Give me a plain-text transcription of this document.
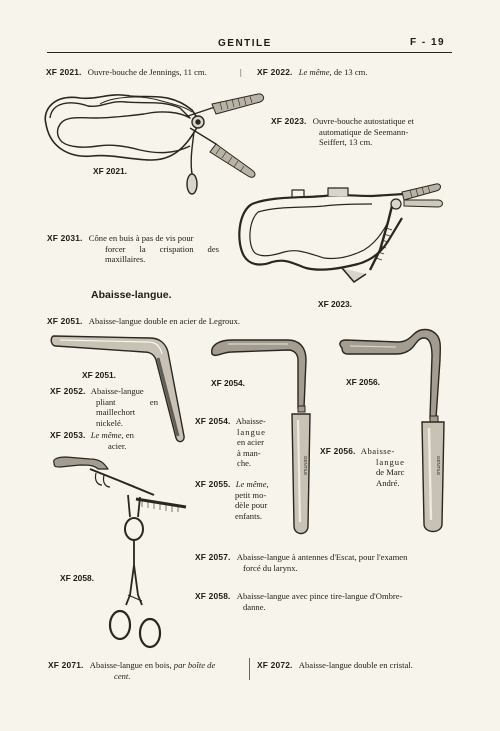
GENTILE	F - 19
XF 2021. Ouvre-bouche de Jennings, 11 cm.	| XF 2022. Le même, de 13 cm.
XF 2023. Ouvre-bouche autostatique et
automatique de Seemann-
Seiffert, 13 cm.
XF 2021.
XF 2023.
XF 2031. Cône en buis à pas de vis pour
forcer la crispation des
maxillaires.
Abaisse-langue.
XF 2051. Abaisse-langue double en acier de Legroux.
XF 2051.
XF 2052. Abaisse-langue
pliant en
maillechort
nickelé.
XF 2053. Le même, en
acier.
GENTILE
XF 2054.
XF 2054. Abaisse-
langue
en acier
à man-
che.
XF 2055. Le même,
petit mo-
dèle pour
enfants.
GENTILE
XF 2056.
XF 2056. Abaisse-
langue
de Marc
André.
XF 2058.
XF 2057. Abaisse-langue à antennes d'Escat, pour l'examen
forcé du larynx.
XF 2058. Abaisse-langue avec pince tire-langue d'Ombre-
danne.
XF 2071. Abaisse-langue en bois, par boîte de
cent.
XF 2072. Abaisse-langue double en cristal.
